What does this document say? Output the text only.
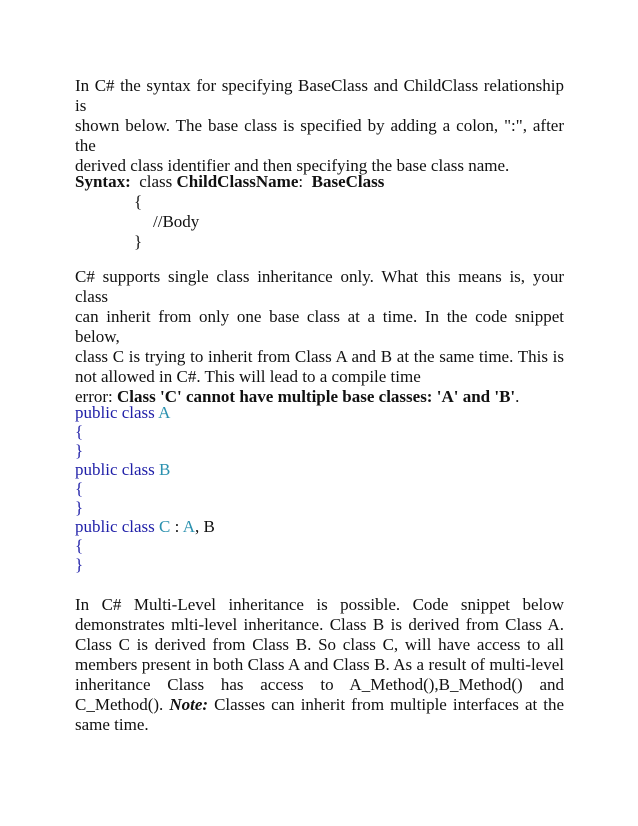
In C# the syntax for specifying BaseClass and ChildClass relationship is
shown below. The base class is specified by adding a colon, ":", after the
derived class identifier and then specifying the base class name.
Syntax: class ChildClassName: BaseClass
{
//Body
}
C# supports single class inheritance only. What this means is, your class
can inherit from only one base class at a time. In the code snippet below,
class C is trying to inherit from Class A and B at the same time. This is
not allowed in C#. This will lead to a compile time
error: Class 'C' cannot have multiple base classes: 'A' and 'B'.
public class A
{
}
public class B
{
}
public class C : A, B
{
}
In C# Multi-Level inheritance is possible. Code snippet below
demonstrates mlti-level inheritance. Class B is derived from Class A.
Class C is derived from Class B. So class C, will have access to all
members present in both Class A and Class B. As a result of multi-level
inheritance Class has access to A_Method(),B_Method() and
C_Method(). Note: Classes can inherit from multiple interfaces at the
same time.
